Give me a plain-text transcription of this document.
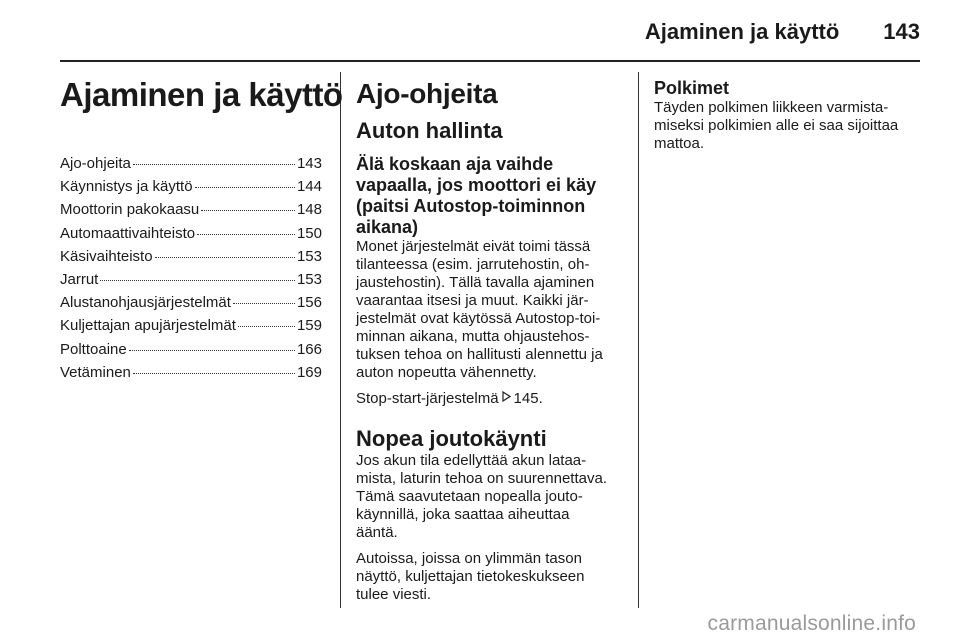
Ajaminen ja käyttö 143
Ajaminen ja käyttö
Ajo-ohjeita	143
Käynnistys ja käyttö	144
Moottorin pakokaasu	148
Automaattivaihteisto	150
Käsivaihteisto	153
Jarrut	153
Alustanohjausjärjestelmät	156
Kuljettajan apujärjestelmät	159
Polttoaine	166
Vetäminen	169
Ajo-ohjeita
Auton hallinta
Älä koskaan aja vaihde
vapaalla, jos moottori ei käy
(paitsi Autostop-toiminnon
aikana)
Monet järjestelmät eivät toimi tässä
tilanteessa (esim. jarrutehostin, oh-
jaustehostin). Tällä tavalla ajaminen
vaarantaa itsesi ja muut. Kaikki jär-
jestelmät ovat käytössä Autostop-toi-
minnan aikana, mutta ohjaustehos-
tuksen tehoa on hallitusti alennettu ja
auton nopeutta vähennetty.
Stop-start-järjestelmä 145.
Nopea joutokäynti
Jos akun tila edellyttää akun lataa-
mista, laturin tehoa on suurennettava.
Tämä saavutetaan nopealla jouto-
käynnillä, joka saattaa aiheuttaa
ääntä.
Autoissa, joissa on ylimmän tason
näyttö, kuljettajan tietokeskukseen
tulee viesti.
Polkimet
Täyden polkimen liikkeen varmista-
miseksi polkimien alle ei saa sijoittaa
mattoa.
carmanualsonline.info
